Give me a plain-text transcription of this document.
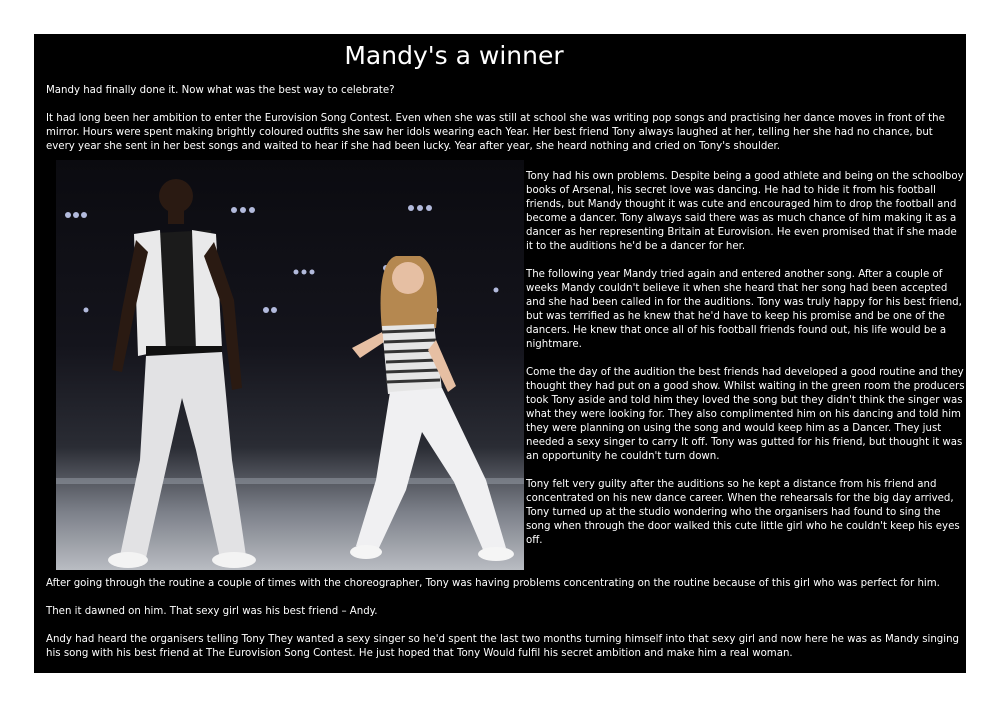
Mandy's a winner

Mandy had finally done it. Now what was the best way to celebrate?

It had long been her ambition to enter the Eurovision Song Contest. Even when she was still at school she was writing pop songs and practising her dance moves in front of the mirror. Hours were spent making brightly coloured outfits she saw her idols wearing each Year. Her best friend Tony always laughed at her, telling her she had no chance, but every year she sent in her best songs and waited to hear if she had been lucky. Year after year, she heard nothing and cried on Tony's shoulder.

Tony had his own problems. Despite being a good athlete and being on the schoolboy books of Arsenal, his secret love was dancing. He had to hide it from his football friends, but Mandy thought it was cute and encouraged him to drop the football and become a dancer. Tony always said there was as much chance of him making it as a dancer as her representing Britain at Eurovision. He even promised that if she made it to the auditions he'd be a dancer for her.

The following year Mandy tried again and entered another song. After a couple of weeks Mandy couldn't believe it when she heard that her song had been accepted and she had been called in for the auditions. Tony was truly happy for his best friend, but was terrified as he knew that he'd have to keep his promise and be one of the dancers. He knew that once all of his football friends found out, his life would be a nightmare.

Come the day of the audition the best friends had developed a good routine and they thought they had put on a good show. Whilst waiting in the green room the producers took Tony aside and told him they loved the song but they didn't think the singer was what they were looking for. They also complimented him on his dancing and told him they were planning on using the song and would keep him as a Dancer. They just needed a sexy singer to carry It off. Tony was gutted for his friend, but thought it was an opportunity he couldn't turn down.

Tony felt very guilty after the auditions so he kept a distance from his friend and concentrated on his new dance career. When the rehearsals for the big day arrived, Tony turned up at the studio wondering who the organisers had found to sing the song when through the door walked this cute little girl who he couldn't keep his eyes off.

After going through the routine a couple of times with the choreographer, Tony was having problems concentrating on the routine because of this girl who was perfect for him.

Then it dawned on him. That sexy girl was his best friend – Andy.

Andy had heard the organisers telling Tony They wanted a sexy singer so he'd spent the last two months turning himself into that sexy girl and now here he was as Mandy singing his song with his best friend at The Eurovision Song Contest. He just hoped that Tony Would fulfil his secret ambition and make him a real woman.
